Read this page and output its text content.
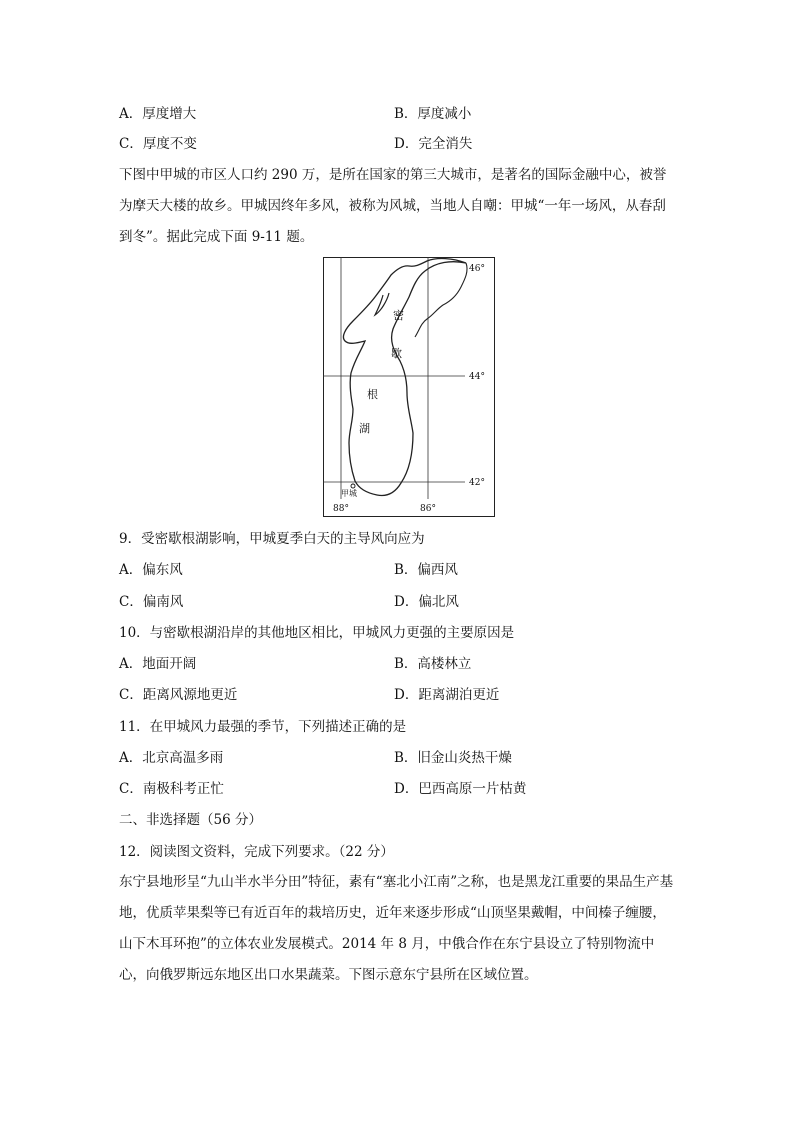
A．厚度增大	B．厚度减小
C．厚度不变	D．完全消失
下图中甲城的市区人口约 290 万，是所在国家的第三大城市，是著名的国际金融中心，被誉为摩天大楼的故乡。甲城因终年多风，被称为风城，当地人自嘲：甲城“一年一场风，从春刮到冬”。据此完成下面 9-11 题。
密
歇
根
湖
46°
44°
42°
88°	86°
甲城
9．受密歇根湖影响，甲城夏季白天的主导风向应为
A．偏东风	B．偏西风
C．偏南风	D．偏北风
10．与密歇根湖沿岸的其他地区相比，甲城风力更强的主要原因是
A．地面开阔	B．高楼林立
C．距离风源地更近	D．距离湖泊更近
11．在甲城风力最强的季节，下列描述正确的是
A．北京高温多雨	B．旧金山炎热干燥
C．南极科考正忙	D．巴西高原一片枯黄
二、非选择题（56 分）
12．阅读图文资料，完成下列要求。（22 分）
东宁县地形呈“九山半水半分田”特征，素有“塞北小江南”之称，也是黑龙江重要的果品生产基地，优质苹果梨等已有近百年的栽培历史，近年来逐步形成“山顶坚果戴帽，中间榛子缠腰，山下木耳环抱”的立体农业发展模式。2014 年 8 月，中俄合作在东宁县设立了特别物流中心，向俄罗斯远东地区出口水果蔬菜。下图示意东宁县所在区域位置。
